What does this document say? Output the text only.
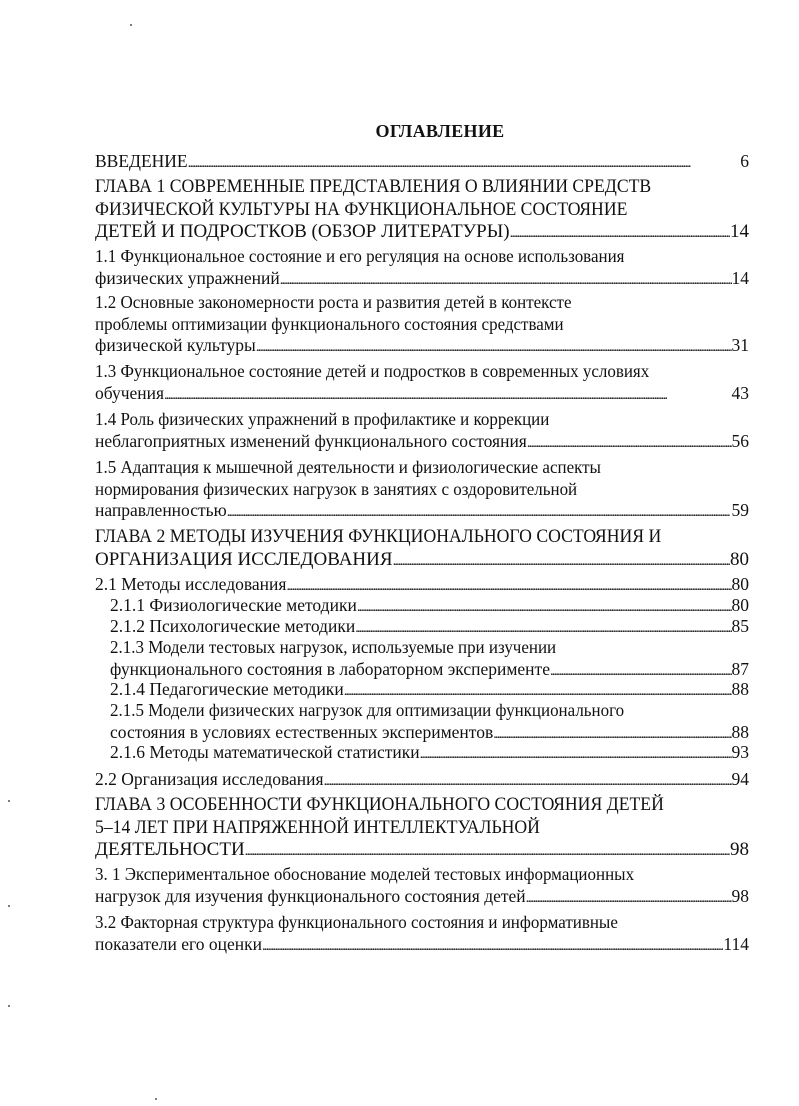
ОГЛАВЛЕНИЕ
ВВЕДЕНИЕ . . .	6
ГЛАВА 1 СОВРЕМЕННЫЕ ПРЕДСТАВЛЕНИЯ О ВЛИЯНИИ СРЕДСТВ
ФИЗИЧЕСКОЙ КУЛЬТУРЫ НА ФУНКЦИОНАЛЬНОЕ СОСТОЯНИЕ
ДЕТЕЙ И ПОДРОСТКОВ (ОБЗОР ЛИТЕРАТУРЫ) . . .	14
1.1 Функциональное состояние и его регуляция на основе использования
физических упражнений . . .	14
1.2 Основные закономерности роста и развития детей в контексте
проблемы оптимизации функционального состояния средствами
физической культуры . . .	31
1.3 Функциональное состояние детей и подростков в современных условиях
обучения . . .	43
1.4 Роль физических упражнений в профилактике и коррекции
неблагоприятных изменений функционального состояния . . .	56
1.5 Адаптация к мышечной деятельности и физиологические аспекты
нормирования физических нагрузок в занятиях с оздоровительной
направленностью . . .	59
ГЛАВА 2 МЕТОДЫ ИЗУЧЕНИЯ ФУНКЦИОНАЛЬНОГО СОСТОЯНИЯ И
ОРГАНИЗАЦИЯ ИССЛЕДОВАНИЯ . . .	80
2.1 Методы исследования . . .	80
2.1.1 Физиологические методики . . .	80
2.1.2 Психологические методики . . .	85
2.1.3 Модели тестовых нагрузок, используемые при изучении
функционального состояния в лабораторном эксперименте . . .	87
2.1.4 Педагогические методики . . .	88
2.1.5 Модели физических нагрузок для оптимизации функционального
состояния в условиях естественных экспериментов . . .	88
2.1.6 Методы математической статистики . . .	93
2.2 Организация исследования . . .	94
ГЛАВА 3 ОСОБЕННОСТИ ФУНКЦИОНАЛЬНОГО СОСТОЯНИЯ ДЕТЕЙ
5–14 ЛЕТ ПРИ НАПРЯЖЕННОЙ ИНТЕЛЛЕКТУАЛЬНОЙ
ДЕЯТЕЛЬНОСТИ . . .	98
3. 1 Экспериментальное обоснование моделей тестовых информационных
нагрузок для изучения функционального состояния детей . . .	98
3.2 Факторная структура функционального состояния и информативные
показатели его оценки . . .	114
